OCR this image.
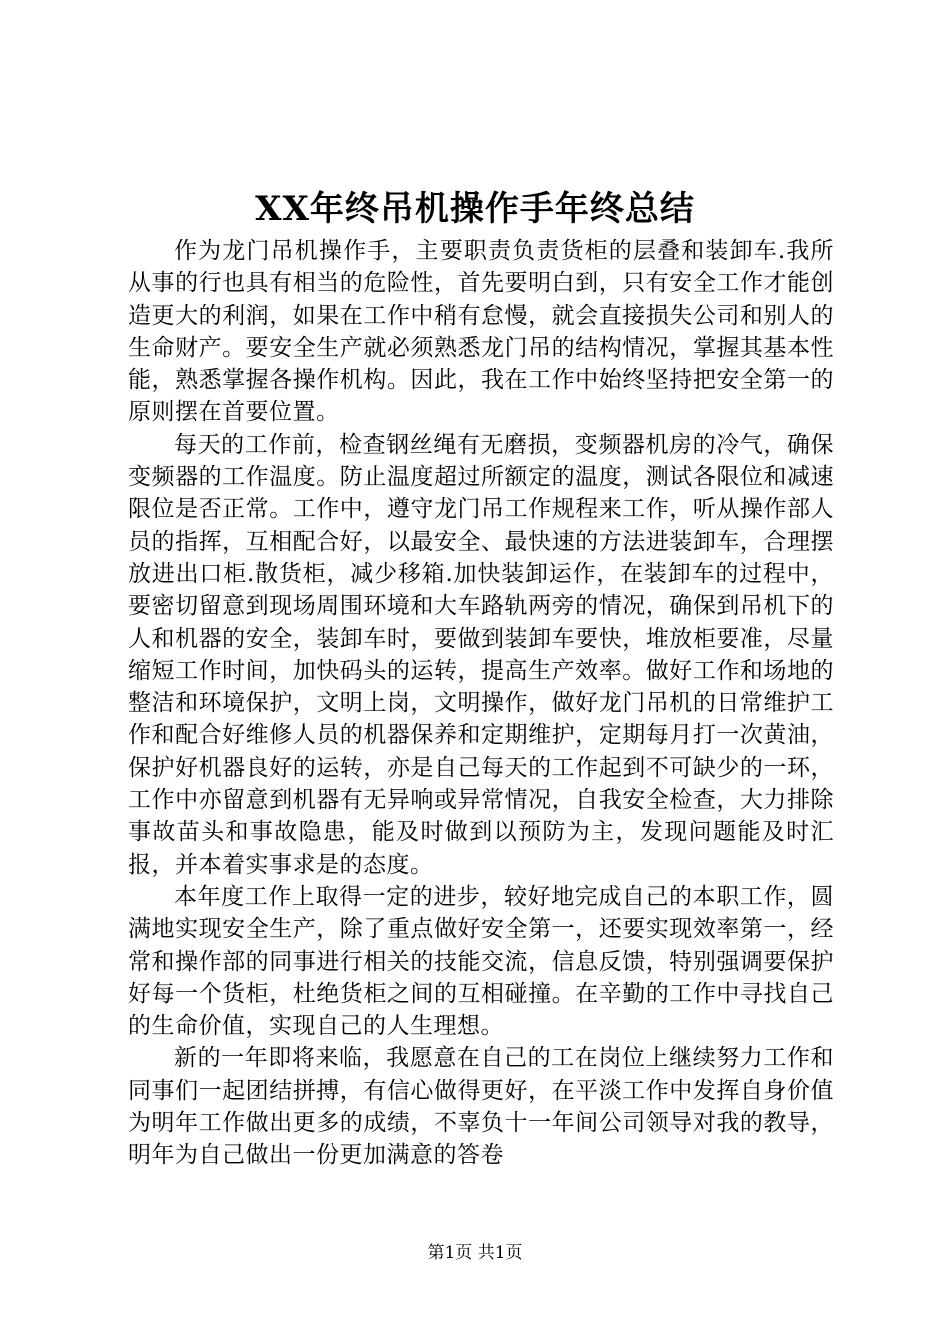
XX年终吊机操作手年终总结

作为龙门吊机操作手，主要职责负责货柜的层叠和装卸车.我所从事的行也具有相当的危险性，首先要明白到，只有安全工作才能创造更大的利润，如果在工作中稍有怠慢，就会直接损失公司和别人的生命财产。要安全生产就必须熟悉龙门吊的结构情况，掌握其基本性能，熟悉掌握各操作机构。因此，我在工作中始终坚持把安全第一的原则摆在首要位置。

每天的工作前，检查钢丝绳有无磨损，变频器机房的冷气，确保变频器的工作温度。防止温度超过所额定的温度，测试各限位和减速限位是否正常。工作中，遵守龙门吊工作规程来工作，听从操作部人员的指挥，互相配合好，以最安全、最快速的方法进装卸车，合理摆放进出口柜.散货柜，减少移箱.加快装卸运作，在装卸车的过程中，要密切留意到现场周围环境和大车路轨两旁的情况，确保到吊机下的人和机器的安全，装卸车时，要做到装卸车要快，堆放柜要准，尽量缩短工作时间，加快码头的运转，提高生产效率。做好工作和场地的整洁和环境保护，文明上岗，文明操作，做好龙门吊机的日常维护工作和配合好维修人员的机器保养和定期维护，定期每月打一次黄油，保护好机器良好的运转，亦是自己每天的工作起到不可缺少的一环，工作中亦留意到机器有无异响或异常情况，自我安全检查，大力排除事故苗头和事故隐患，能及时做到以预防为主，发现问题能及时汇报，并本着实事求是的态度。

本年度工作上取得一定的进步，较好地完成自己的本职工作，圆满地实现安全生产，除了重点做好安全第一，还要实现效率第一，经常和操作部的同事进行相关的技能交流，信息反馈，特别强调要保护好每一个货柜，杜绝货柜之间的互相碰撞。在辛勤的工作中寻找自己的生命价值，实现自己的人生理想。

新的一年即将来临，我愿意在自己的工在岗位上继续努力工作和同事们一起团结拼搏，有信心做得更好，在平淡工作中发挥自身价值为明年工作做出更多的成绩，不辜负十一年间公司领导对我的教导，明年为自己做出一份更加满意的答卷

第1页 共1页
